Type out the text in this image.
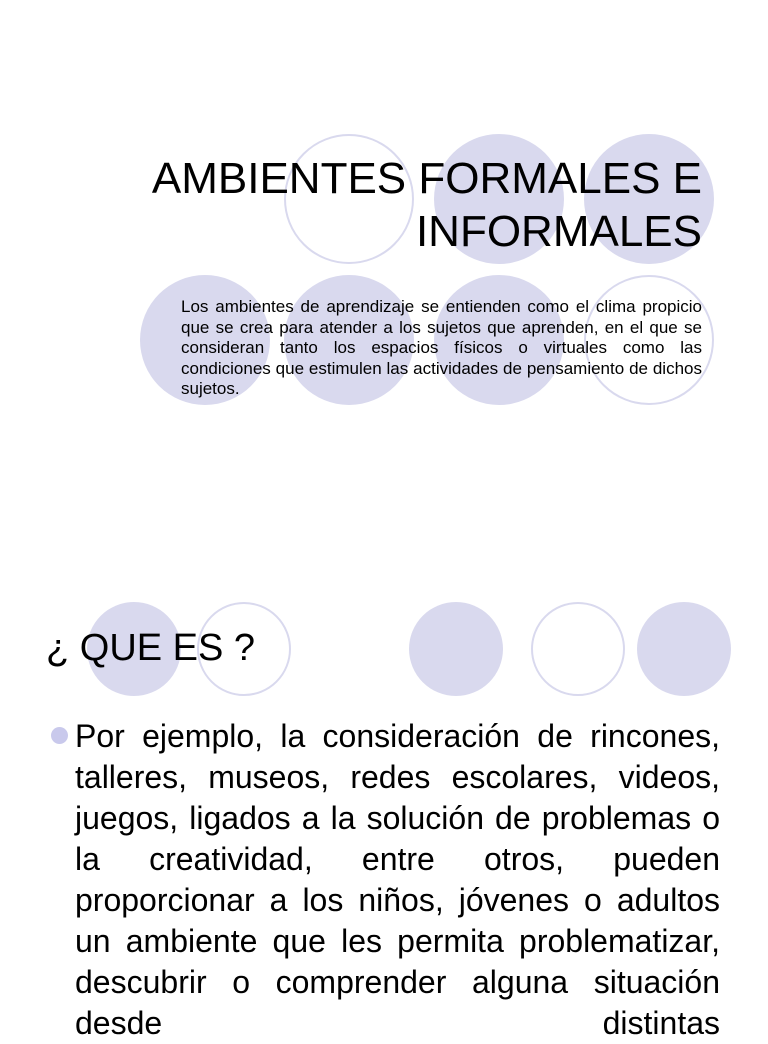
AMBIENTES FORMALES E INFORMALES

Los ambientes de aprendizaje se entienden como el clima propicio que se crea para atender a los sujetos que aprenden, en el que se consideran tanto los espacios físicos o virtuales como las condiciones que estimulen las actividades de pensamiento de dichos sujetos.

¿ QUE ES ?

Por ejemplo, la consideración de rincones, talleres, museos, redes escolares, videos, juegos, ligados a la solución de problemas o la creatividad, entre otros, pueden proporcionar a los niños, jóvenes o adultos un ambiente que les permita problematizar, descubrir o comprender alguna situación desde distintas
